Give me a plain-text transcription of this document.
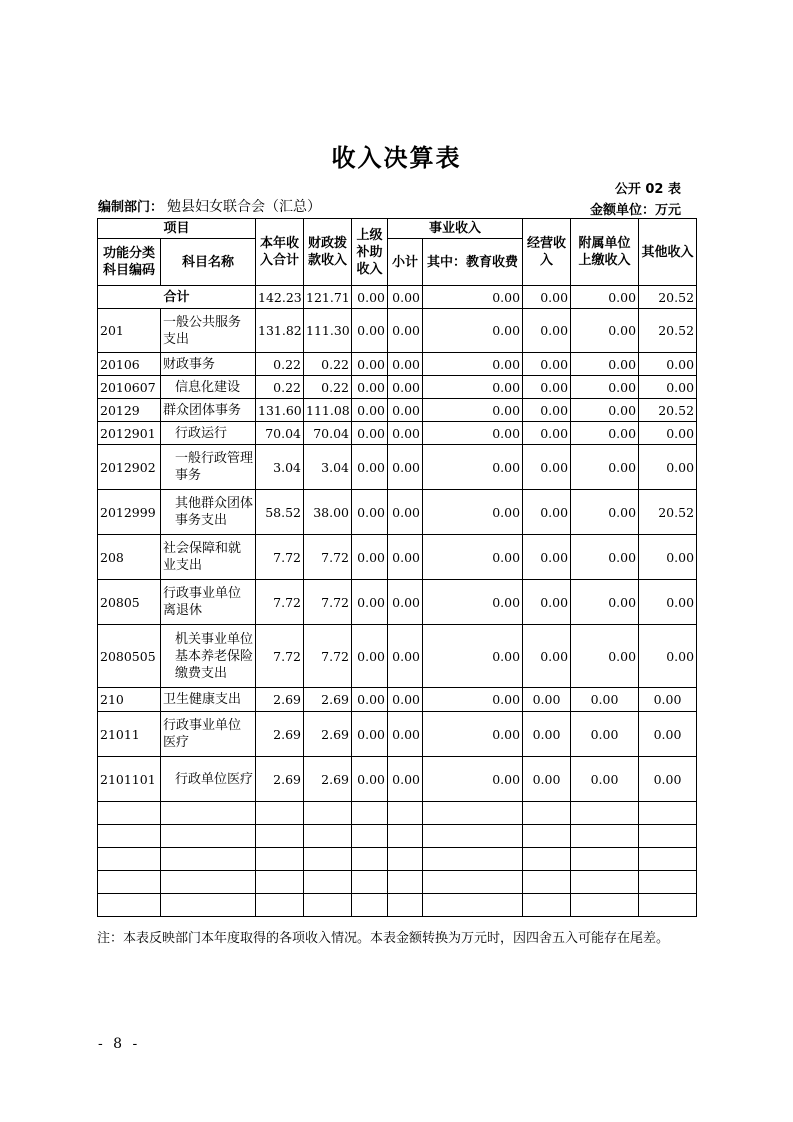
收入决算表
公开 02 表
编制部门： 勉县妇女联合会（汇总）	金额单位：万元
项目		本年收入合计	财政拨款收入	上级补助收入	事业收入		经营收入	附属单位上缴收入	其他收入
功能分类科目编码	科目名称				小计	其中：教育收费			

合计		142.23	121.71	0.00	0.00	0.00	0.00	0.00	20.52
201	一般公共服务支出	131.82	111.30	0.00	0.00	0.00	0.00	0.00	20.52
20106	财政事务	0.22	0.22	0.00	0.00	0.00	0.00	0.00	0.00
2010607	信息化建设	0.22	0.22	0.00	0.00	0.00	0.00	0.00	0.00
20129	群众团体事务	131.60	111.08	0.00	0.00	0.00	0.00	0.00	20.52
2012901	行政运行	70.04	70.04	0.00	0.00	0.00	0.00	0.00	0.00
2012902	一般行政管理事务	3.04	3.04	0.00	0.00	0.00	0.00	0.00	0.00
2012999	其他群众团体事务支出	58.52	38.00	0.00	0.00	0.00	0.00	0.00	20.52
208	社会保障和就业支出	7.72	7.72	0.00	0.00	0.00	0.00	0.00	0.00
20805	行政事业单位离退休	7.72	7.72	0.00	0.00	0.00	0.00	0.00	0.00
2080505	机关事业单位基本养老保险缴费支出	7.72	7.72	0.00	0.00	0.00	0.00	0.00	0.00
210	卫生健康支出	2.69	2.69	0.00	0.00	0.00	0.00	0.00	0.00
21011	行政事业单位医疗	2.69	2.69	0.00	0.00	0.00	0.00	0.00	0.00
2101101	行政单位医疗	2.69	2.69	0.00	0.00	0.00	0.00	0.00	0.00

注：本表反映部门本年度取得的各项收入情况。本表金额转换为万元时，因四舍五入可能存在尾差。
- 8 -
